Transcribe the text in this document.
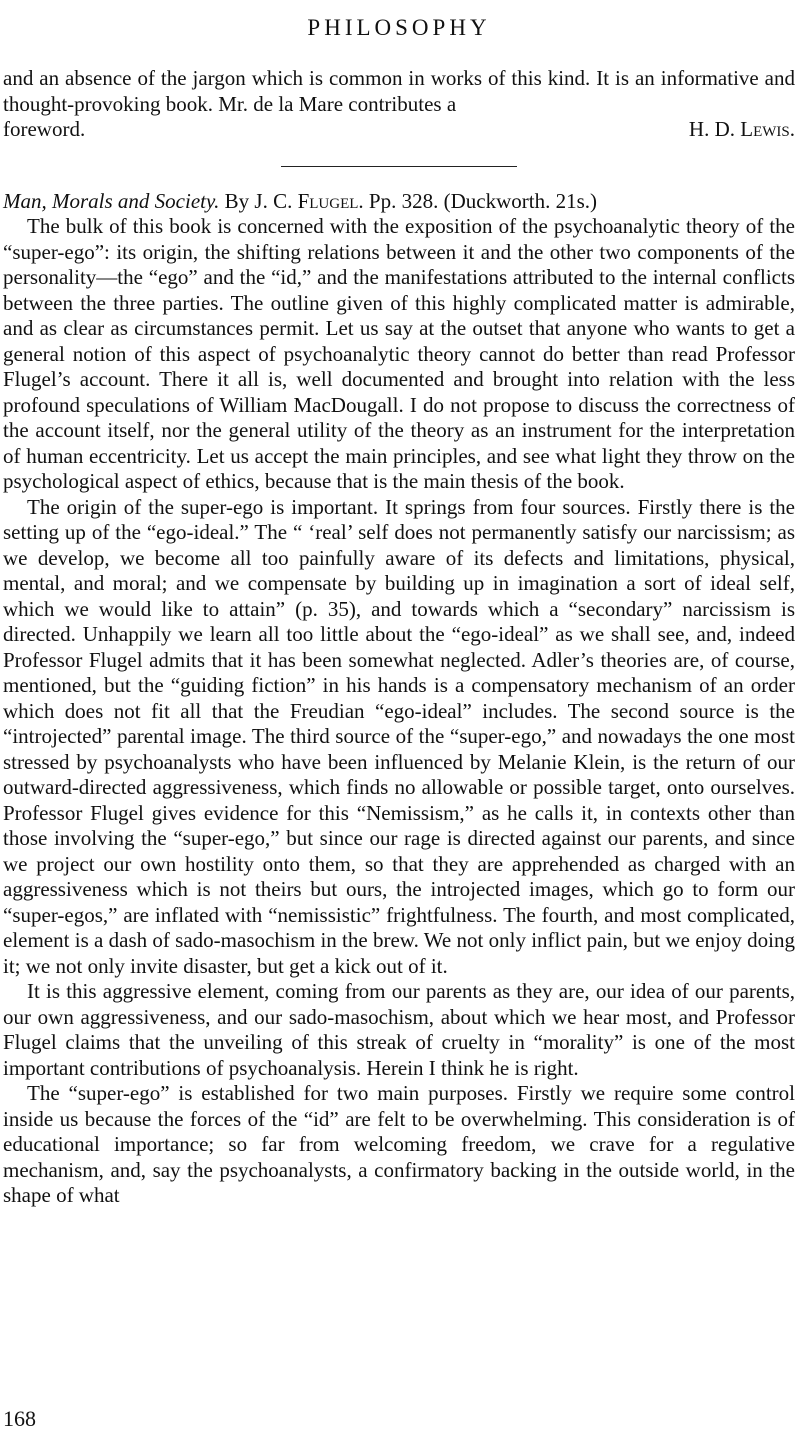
PHILOSOPHY

and an absence of the jargon which is common in works of this kind. It is an informative and thought-provoking book. Mr. de la Mare contributes a

foreword.	H. D. Lewis.
Man, Morals and Society. By J. C. Flugel. Pp. 328. (Duckworth. 21s.)

The bulk of this book is concerned with the exposition of the psychoanalytic theory of the “super-ego”: its origin, the shifting relations between it and the other two components of the personality—the “ego” and the “id,” and the manifestations attributed to the internal conflicts between the three parties. The outline given of this highly complicated matter is admirable, and as clear as circumstances permit. Let us say at the outset that anyone who wants to get a general notion of this aspect of psychoanalytic theory cannot do better than read Professor Flugel’s account. There it all is, well documented and brought into relation with the less profound speculations of William MacDougall. I do not propose to discuss the correctness of the account itself, nor the general utility of the theory as an instrument for the interpretation of human eccentricity. Let us accept the main principles, and see what light they throw on the psychological aspect of ethics, because that is the main thesis of the book.

The origin of the super-ego is important. It springs from four sources. Firstly there is the setting up of the “ego-ideal.” The “ ‘real’ self does not permanently satisfy our narcissism; as we develop, we become all too painfully aware of its defects and limitations, physical, mental, and moral; and we compensate by building up in imagination a sort of ideal self, which we would like to attain” (p. 35), and towards which a “secondary” narcissism is directed. Unhappily we learn all too little about the “ego-ideal” as we shall see, and, indeed Professor Flugel admits that it has been somewhat neglected. Adler’s theories are, of course, mentioned, but the “guiding fiction” in his hands is a compensatory mechanism of an order which does not fit all that the Freudian “ego-ideal” includes. The second source is the “introjected” parental image. The third source of the “super-ego,” and nowadays the one most stressed by psychoanalysts who have been influenced by Melanie Klein, is the return of our outward-directed aggressiveness, which finds no allowable or possible target, onto ourselves. Professor Flugel gives evidence for this “Nemissism,” as he calls it, in contexts other than those involving the “super-ego,” but since our rage is directed against our parents, and since we project our own hostility onto them, so that they are apprehended as charged with an aggressiveness which is not theirs but ours, the introjected images, which go to form our “super-egos,” are inflated with “nemissistic” frightfulness. The fourth, and most complicated, element is a dash of sado-masochism in the brew. We not only inflict pain, but we enjoy doing it; we not only invite disaster, but get a kick out of it.

It is this aggressive element, coming from our parents as they are, our idea of our parents, our own aggressiveness, and our sado-masochism, about which we hear most, and Professor Flugel claims that the unveiling of this streak of cruelty in “morality” is one of the most important contributions of psychoanalysis. Herein I think he is right.

The “super-ego” is established for two main purposes. Firstly we require some control inside us because the forces of the “id” are felt to be overwhelming. This consideration is of educational importance; so far from welcoming freedom, we crave for a regulative mechanism, and, say the psychoanalysts, a confirmatory backing in the outside world, in the shape of what

168
